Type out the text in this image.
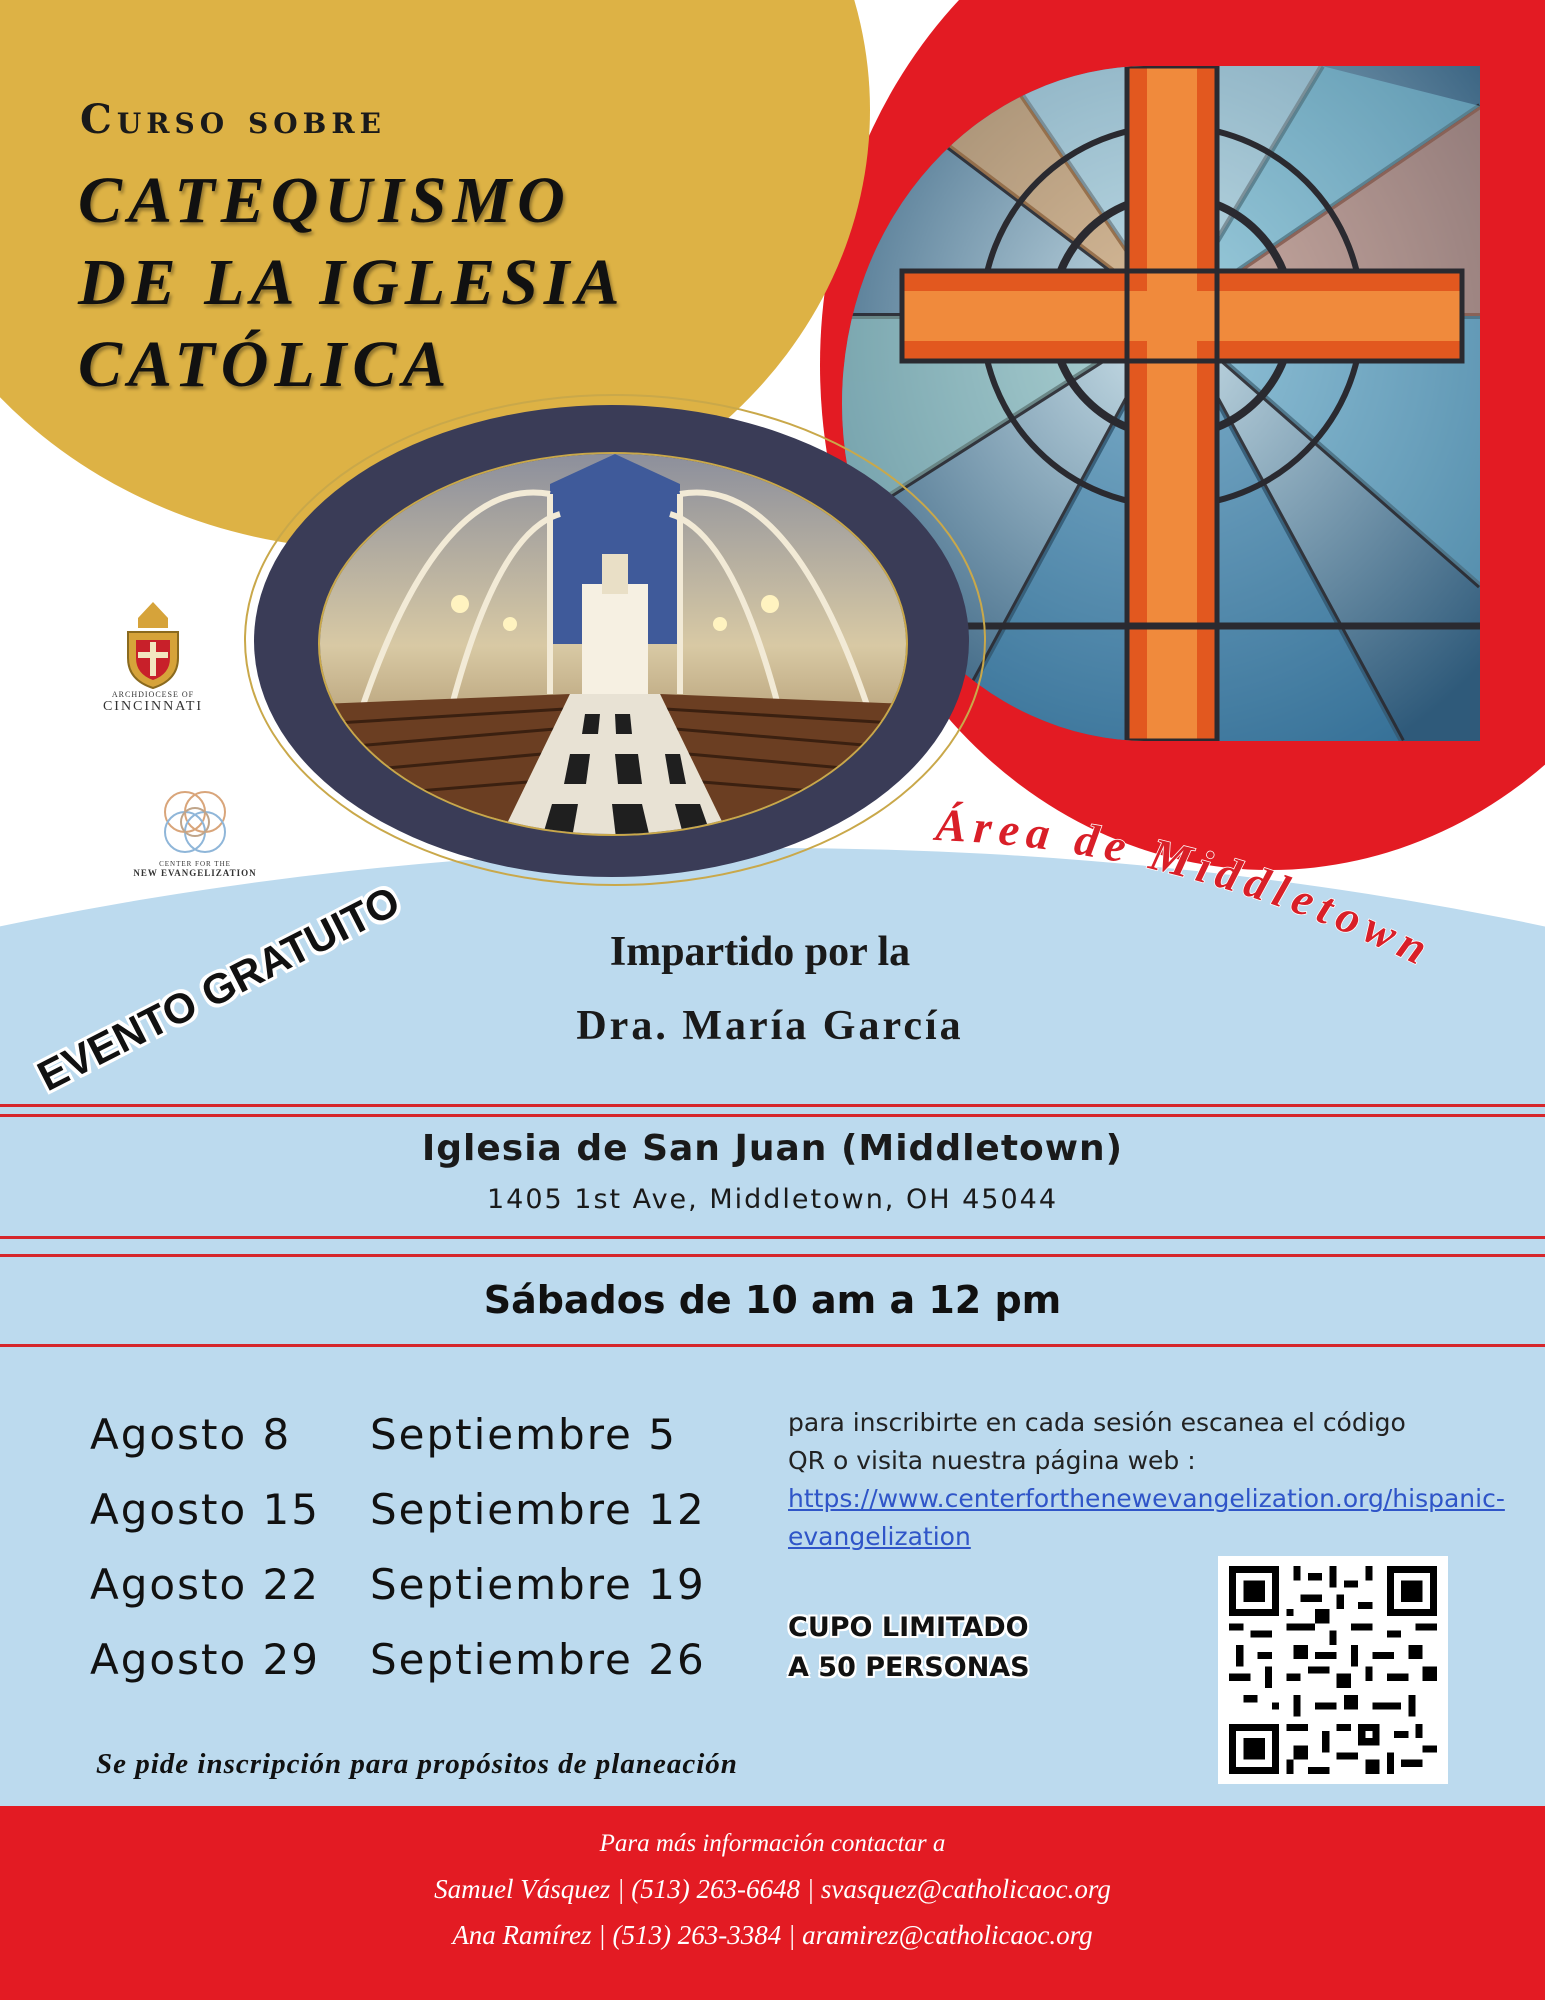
Curso sobre
CATEQUISMO
DE LA IGLESIA
CATÓLICA
ARCHDIOCESE OF
CINCINNATI
CENTER FOR THE
NEW EVANGELIZATION
Área de Middletown
Impartido por la
Dra. María García
Iglesia de San Juan (Middletown)
1405 1st Ave, Middletown, OH 45044
EVENTO GRATUITO
Sábados de 10 am a 12 pm
Agosto 8
Agosto 15
Agosto 22
Agosto 29
Septiembre 5
Septiembre 12
Septiembre 19
Septiembre 26
para inscribirte en cada sesión escanea el código QR o visita nuestra página web :
https://www.centerforthenewevangelization.org/hispanic-evangelization
CUPO LIMITADO
A 50 PERSONAS
Se pide inscripción para propósitos de planeación
Para más información contactar a
Samuel Vásquez | (513) 263-6648 | svasquez@catholicaoc.org
Ana Ramírez | (513) 263-3384 | aramirez@catholicaoc.org
